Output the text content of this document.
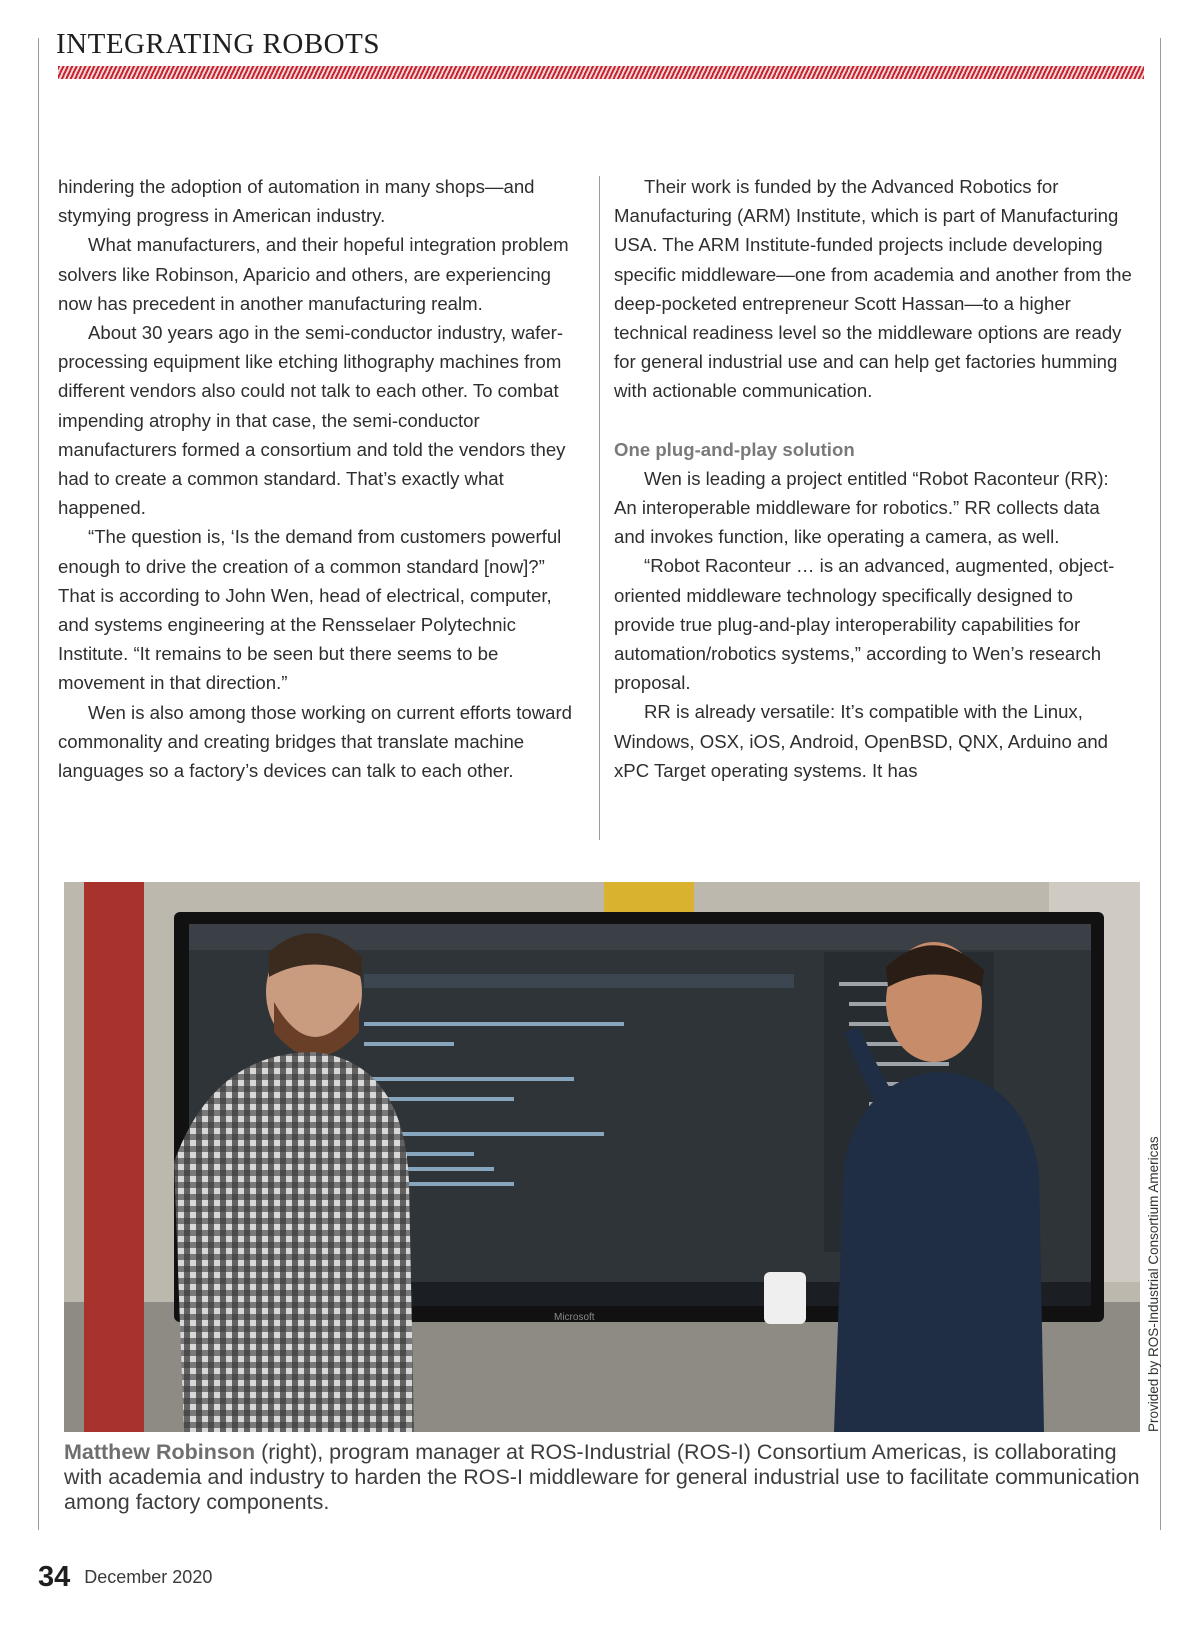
INTEGRATING ROBOTS

hindering the adoption of automation in many shops—and stymying progress in American industry.

What manufacturers, and their hopeful integration problem solvers like Robinson, Aparicio and others, are experiencing now has precedent in another manufacturing realm.

About 30 years ago in the semi-conductor industry, wafer-processing equipment like etching lithography machines from different vendors also could not talk to each other. To combat impending atrophy in that case, the semi-conductor manufacturers formed a consortium and told the vendors they had to create a common standard. That’s exactly what happened.

“The question is, ‘Is the demand from customers powerful enough to drive the creation of a common standard [now]?” That is according to John Wen, head of electrical, computer, and systems engineering at the Rensselaer Polytechnic Institute. “It remains to be seen but there seems to be movement in that direction.”

Wen is also among those working on current efforts toward commonality and creating bridges that translate machine languages so a factory’s devices can talk to each other.

Their work is funded by the Advanced Robotics for Manufacturing (ARM) Institute, which is part of Manufacturing USA. The ARM Institute-funded projects include developing specific middleware—one from academia and another from the deep-pocketed entrepreneur Scott Hassan—to a higher technical readiness level so the middleware options are ready for general industrial use and can help get factories humming with actionable communication.

One plug-and-play solution

Wen is leading a project entitled “Robot Raconteur (RR): An interoperable middleware for robotics.” RR collects data and invokes function, like operating a camera, as well.

“Robot Raconteur … is an advanced, augmented, object-oriented middleware technology specifically designed to provide true plug-and-play interoperability capabilities for automation/robotics systems,” according to Wen’s research proposal.

RR is already versatile: It’s compatible with the Linux, Windows, OSX, iOS, Android, OpenBSD, QNX, Arduino and xPC Target operating systems. It has

Microsoft	Provided by ROS-Industrial Consortium Americas
Matthew Robinson (right), program manager at ROS-Industrial (ROS-I) Consortium Americas, is collaborating with academia and industry to harden the ROS-I middleware for general industrial use to facilitate communication among factory components.
34 December 2020
